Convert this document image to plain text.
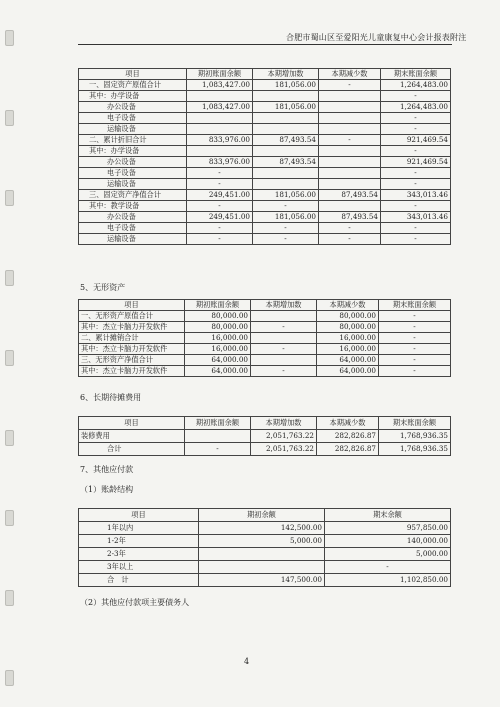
合肥市蜀山区至爱阳光儿童康复中心会计报表附注
项目	期初账面余额	本期增加数	本期减少数	期末账面余额
一、固定资产原值合计	1,083,427.00	181,056.00	-	1,264,483.00
其中：办学设备				-
办公设备	1,083,427.00	181,056.00		1,264,483.00
电子设备				-
运输设备				-
二、累计折旧合计	833,976.00	87,493.54	-	921,469.54
其中：办学设备				-
办公设备	833,976.00	87,493.54		921,469.54
电子设备	-			-
运输设备	-			-
三、固定资产净值合计	249,451.00	181,056.00	87,493.54	343,013.46
其中：教学设备	-	-		-
办公设备	249,451.00	181,056.00	87,493.54	343,013.46
电子设备	-	-	-	-
运输设备	-	-	-	-
5、无形资产
项目	期初账面余额	本期增加数	本期减少数	期末账面余额
一、无形资产原值合计	80,000.00		80,000.00	-
其中：杰立卡脑力开发软件	80,000.00	-	80,000.00	-
二、累计摊销合计	16,000.00		16,000.00	-
其中：杰立卡脑力开发软件	16,000.00	-	16,000.00	-
三、无形资产净值合计	64,000.00		64,000.00	-
其中：杰立卡脑力开发软件	64,000.00	-	64,000.00	-
6、长期待摊费用
项目	期初账面余额	本期增加数	本期减少数	期末账面余额
装修费用		2,051,763.22	282,826.87	1,768,936.35
合计	-	2,051,763.22	282,826.87	1,768,936.35
7、其他应付款
（1）账龄结构
项目	期初余额	期末余额
1年以内	142,500.00	957,850.00
1-2年	5,000.00	140,000.00
2-3年		5,000.00
3年以上		-
合　计	147,500.00	1,102,850.00
（2）其他应付款项主要债务人
4
